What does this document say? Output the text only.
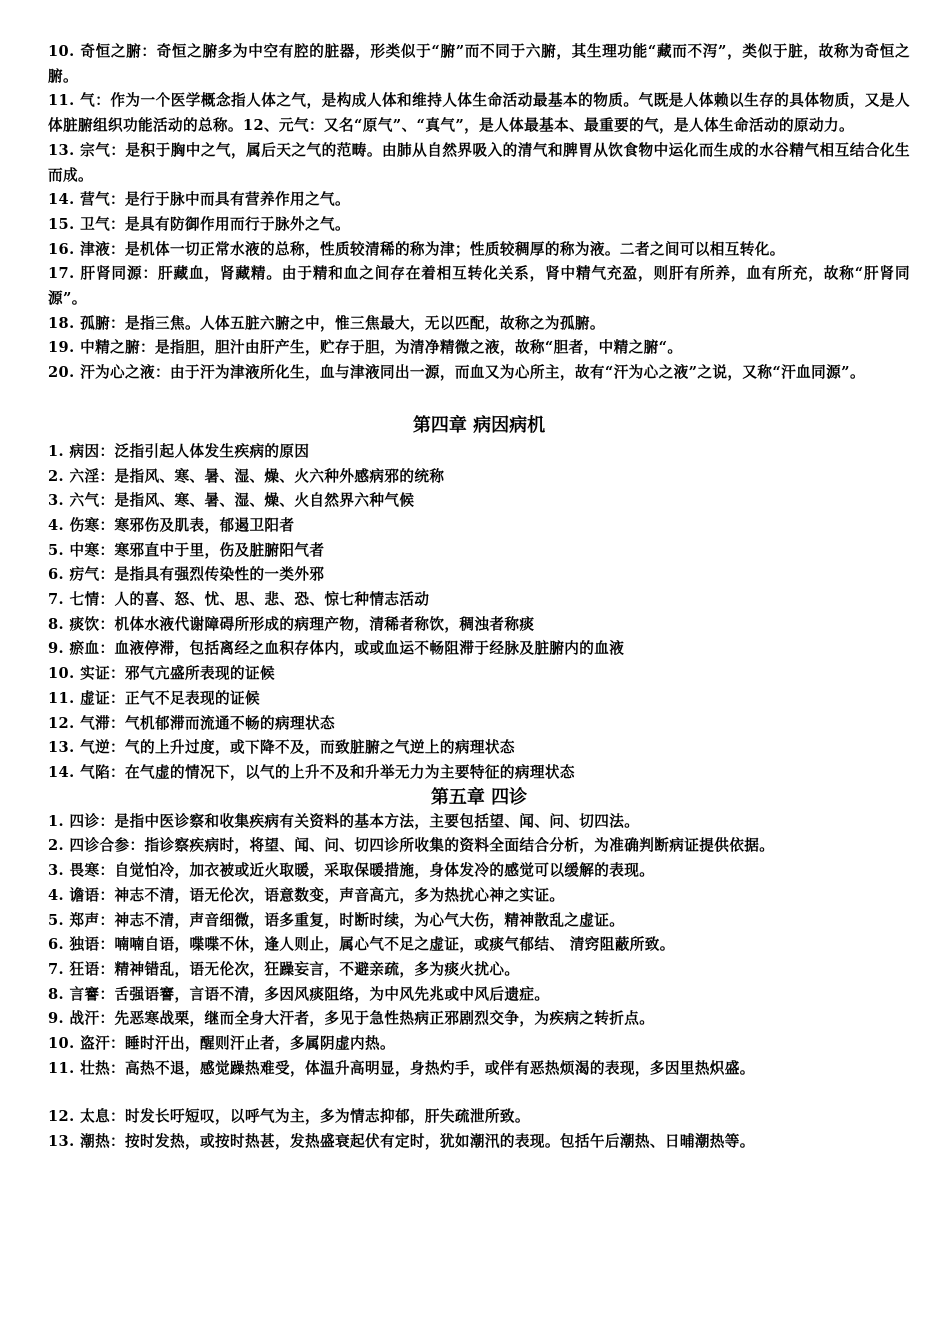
10. 奇恒之腑：奇恒之腑多为中空有腔的脏器，形类似于“腑”而不同于六腑，其生理功能“藏而不泻”，类似于脏，故称为奇恒之腑。

11. 气：作为一个医学概念指人体之气，是构成人体和维持人体生命活动最基本的物质。气既是人体赖以生存的具体物质，又是人体脏腑组织功能活动的总称。12、元气：又名“原气”、“真气”，是人体最基本、最重要的气，是人体生命活动的原动力。

13. 宗气：是积于胸中之气，属后天之气的范畴。由肺从自然界吸入的清气和脾胃从饮食物中运化而生成的水谷精气相互结合化生而成。

14. 营气：是行于脉中而具有营养作用之气。

15. 卫气：是具有防御作用而行于脉外之气。

16. 津液：是机体一切正常水液的总称，性质较清稀的称为津；性质较稠厚的称为液。二者之间可以相互转化。

17. 肝肾同源：肝藏血，肾藏精。由于精和血之间存在着相互转化关系，肾中精气充盈，则肝有所养，血有所充，故称“肝肾同源”。

18. 孤腑：是指三焦。人体五脏六腑之中，惟三焦最大，无以匹配，故称之为孤腑。

19. 中精之腑：是指胆，胆汁由肝产生，贮存于胆，为清净精微之液，故称“胆者，中精之腑“。

20. 汗为心之液：由于汗为津液所化生，血与津液同出一源，而血又为心所主，故有“汗为心之液”之说，又称“汗血同源”。

第四章 病因病机

1. 病因：泛指引起人体发生疾病的原因

2. 六淫：是指风、寒、暑、湿、燥、火六种外感病邪的统称

3. 六气：是指风、寒、暑、湿、燥、火自然界六种气候

4. 伤寒：寒邪伤及肌表，郁遏卫阳者

5. 中寒：寒邪直中于里，伤及脏腑阳气者

6. 疠气：是指具有强烈传染性的一类外邪

7. 七情：人的喜、怒、忧、思、悲、恐、惊七种情志活动

8. 痰饮：机体水液代谢障碍所形成的病理产物，清稀者称饮，稠浊者称痰

9. 瘀血：血液停滞，包括离经之血积存体内，或或血运不畅阻滞于经脉及脏腑内的血液

10. 实证：邪气亢盛所表现的证候

11. 虚证：正气不足表现的证候

12. 气滞：气机郁滞而流通不畅的病理状态

13. 气逆：气的上升过度，或下降不及，而致脏腑之气逆上的病理状态

14. 气陷：在气虚的情况下，以气的上升不及和升举无力为主要特征的病理状态

第五章 四诊

1. 四诊：是指中医诊察和收集疾病有关资料的基本方法，主要包括望、闻、问、切四法。

2. 四诊合参：指诊察疾病时，将望、闻、问、切四诊所收集的资料全面结合分析，为准确判断病证提供依据。

3. 畏寒：自觉怕冷，加衣被或近火取暖，采取保暖措施，身体发冷的感觉可以缓解的表现。

4. 谵语：神志不清，语无伦次，语意数变，声音高亢，多为热扰心神之实证。

5. 郑声：神志不清，声音细微，语多重复，时断时续，为心气大伤，精神散乱之虚证。

6. 独语：喃喃自语，喋喋不休，逢人则止，属心气不足之虚证，或痰气郁结、 清窍阻蔽所致。

7. 狂语：精神错乱，语无伦次，狂躁妄言，不避亲疏，多为痰火扰心。

8. 言謇：舌强语謇，言语不清，多因风痰阻络，为中风先兆或中风后遗症。

9. 战汗：先恶寒战栗，继而全身大汗者，多见于急性热病正邪剧烈交争，为疾病之转折点。

10. 盗汗：睡时汗出，醒则汗止者，多属阴虚内热。

11. 壮热：高热不退，感觉躁热难受，体温升高明显，身热灼手，或伴有恶热烦渴的表现，多因里热炽盛。

12. 太息：时发长吁短叹，以呼气为主，多为情志抑郁，肝失疏泄所致。

13. 潮热：按时发热，或按时热甚，发热盛衰起伏有定时，犹如潮汛的表现。包括午后潮热、日晡潮热等。
